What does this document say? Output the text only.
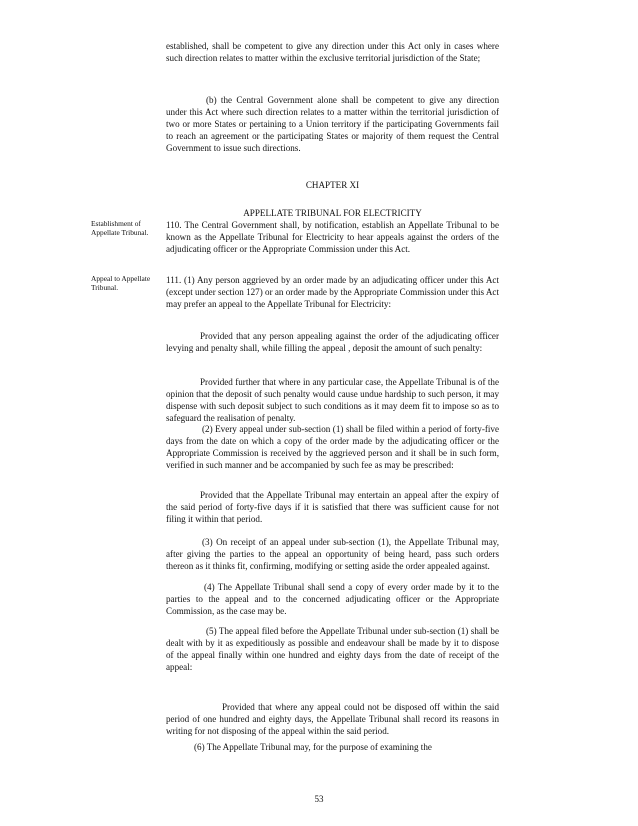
established, shall be competent to give any direction under this Act only in cases where such direction relates to matter within the exclusive territorial jurisdiction of the State;

(b) the Central Government alone shall be competent to give any direction under this Act where such direction relates to a matter within the territorial jurisdiction of two or more States or pertaining to a Union territory if the participating Governments fail to reach an agreement or the participating States or majority of them request the Central Government to issue such directions.

CHAPTER XI

APPELLATE TRIBUNAL FOR ELECTRICITY

Establishment of Appellate Tribunal.

110. The Central Government shall, by notification, establish an Appellate Tribunal to be known as the Appellate Tribunal for Electricity to hear appeals against the orders of the adjudicating officer or the Appropriate Commission under this Act.

Appeal to Appellate Tribunal.

111. (1) Any person aggrieved by an order made by an adjudicating officer under this Act (except under section 127) or an order made by the Appropriate Commission under this Act may prefer an appeal to the Appellate Tribunal for Electricity:

Provided that any person appealing against the order of the adjudicating officer levying and penalty shall, while filling the appeal , deposit the amount of such penalty:

Provided further that where in any particular case, the Appellate Tribunal is of the opinion that the deposit of such penalty would cause undue hardship to such person, it may dispense with such deposit subject to such conditions as it may deem fit to impose so as to safeguard the realisation of penalty.

(2) Every appeal under sub-section (1) shall be filed within a period of forty-five days from the date on which a copy of the order made by the adjudicating officer or the Appropriate Commission is received by the aggrieved person and it shall be in such form, verified in such manner and be accompanied by such fee as may be prescribed:

Provided that the Appellate Tribunal may entertain an appeal after the expiry of the said period of forty-five days if it is satisfied that there was sufficient cause for not filing it within that period.

(3) On receipt of an appeal under sub-section (1), the Appellate Tribunal may, after giving the parties to the appeal an opportunity of being heard, pass such orders thereon as it thinks fit, confirming, modifying or setting aside the order appealed against.

(4) The Appellate Tribunal shall send a copy of every order made by it to the parties to the appeal and to the concerned adjudicating officer or the Appropriate Commission, as the case may be.

(5) The appeal filed before the Appellate Tribunal under sub-section (1) shall be dealt with by it as expeditiously as possible and endeavour shall be made by it to dispose of the appeal finally within one hundred and eighty days from the date of receipt of the appeal:

Provided that where any appeal could not be disposed off within the said period of one hundred and eighty days, the Appellate Tribunal shall record its reasons in writing for not disposing of the appeal within the said period.

(6) The Appellate Tribunal may, for the purpose of examining the

53
